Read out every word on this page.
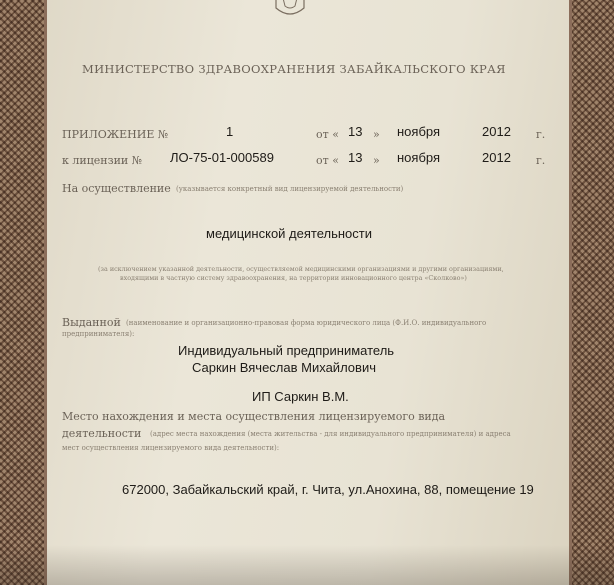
МИНИСТЕРСТВО ЗДРАВООХРАНЕНИЯ ЗАБАЙКАЛЬСКОГО КРАЯ
ПРИЛОЖЕНИЕ №	1	от « 13 » ноября	2012 г.
к лицензии № ЛО-75-01-000589	от « 13 » ноября	2012 г.
На осуществление (указывается конкретный вид лицензируемой деятельности)
медицинской деятельности
(за исключением указанной деятельности, осуществляемой медицинскими организациями и другими организациями,
входящими в частную систему здравоохранения, на территории инновационного центра «Сколково»)
Выданной (наименование и организационно-правовая форма юридического лица (Ф.И.О. индивидуального
предпринимателя):
Индивидуальный предприниматель
Саркин Вячеслав Михайлович
ИП Саркин В.М.
Место нахождения и места осуществления лицензируемого вида
деятельности (адрес места нахождения (места жительства - для индивидуального предпринимателя) и адреса
мест осуществления лицензируемого вида деятельности):
672000, Забайкальский край, г. Чита, ул.Анохина, 88, помещение 19
